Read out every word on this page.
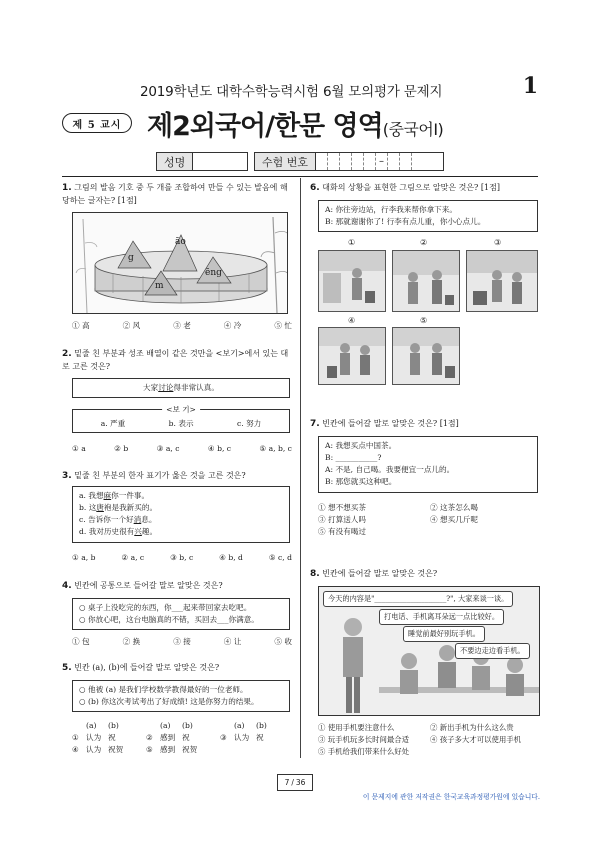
2019학년도 대학수학능력시험 6월 모의평가 문제지	1
제 5 교시 제2외국어/한문 영역(중국어Ⅰ)
성명	수험 번호	–
1. 그림의 발음 기호 중 두 개를 조합하여 만들 수 있는 발음에 해당하는 글자는? [1점]
g
āo
ēng
m
① 高	② 风	③ 老	④ 冷	⑤ 忙
2. 밑줄 친 부분과 성조 배열이 같은 것만을 <보기>에서 있는 대로 고른 것은?
大家讨论得非常认真。
<보 기>
a. 严重	b. 表示	c. 努力
① a	② b	③ a, c	④ b, c	⑤ a, b, c
3. 밑줄 친 부분의 한자 표기가 옳은 것을 고른 것은?
a. 我想麻你一件事。
b. 这唐袍是我新买的。
c. 告诉你一个好消息。
d. 我对历史很有兴趣。
① a, b	② a, c	③ b, c	④ b, d	⑤ c, d
4. 빈칸에 공통으로 들어갈 말로 알맞은 것은?
○ 桌子上没吃完的东西，你___起来带回家去吃吧。
○ 你放心吧，这台电脑真的不错，买回去___你满意。
① 包	② 换	③ 接	④ 让	⑤ 收
5. 빈칸 (a), (b)에 들어갈 말로 알맞은 것은?
○ 他被 (a) 是我们学校数学教得最好的一位老师。
○ (b) 你这次考试考出了好成绩! 这是你努力的结果。
(a)	(b)	(a)	(b)	(a)	(b)
① 认为 祝	② 感到 祝	③ 认为 祝
④ 认为 祝贺	⑤ 感到 祝贺
6. 대화의 상황을 표현한 그림으로 알맞은 것은? [1점]
A: 你往旁边站，行李我来帮你拿下来。
B: 那就谢谢你了! 行李有点儿重，你小心点儿。
①	②	③
④	⑤
7. 빈칸에 들어갈 말로 알맞은 것은? [1점]
A: 我想买点中国茶。
B: ___________?
A: 不是, 自己喝。我要便宜一点儿的。
B: 那您就买这种吧。
① 想不想买茶	② 这茶怎么喝
③ 打算送人吗	④ 想买几斤呢
⑤ 有没有喝过
8. 빈칸에 들어갈 말로 알맞은 것은?
今天的内容是"____________________?", 大家来谈一谈。
打电话、手机离耳朵远一点比较好。
睡觉前最好别玩手机。
不要边走边看手机。
① 使用手机要注意什么	② 新出手机为什么这么贵
③ 玩手机玩多长时间最合适	④ 孩子多大才可以使用手机
⑤ 手机给我们带来什么好处
7 / 36
이 문제지에 관한 저작권은 한국교육과정평가원에 있습니다.
